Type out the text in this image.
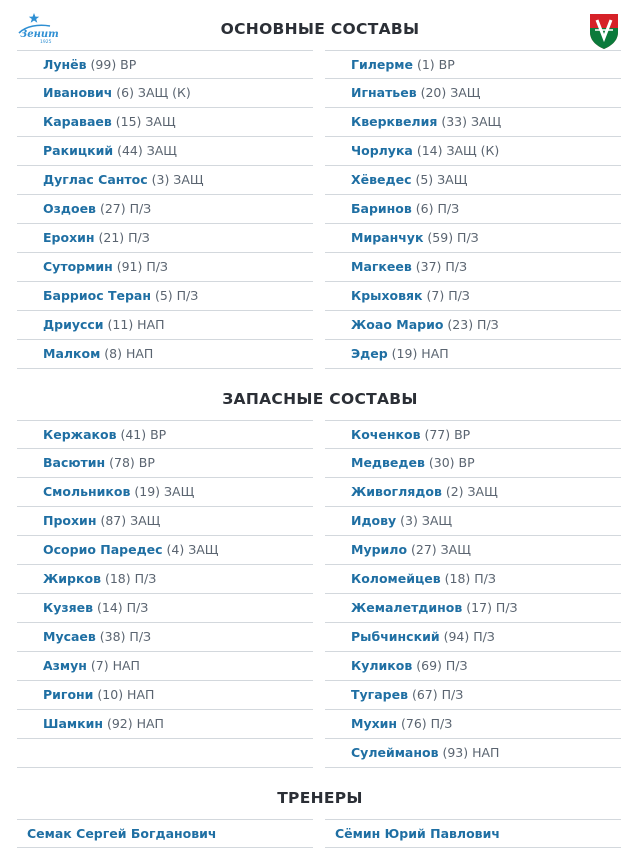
Зенит
1925
ОСНОВНЫЕ СОСТАВЫ
Лунёв (99) ВР
Иванович (6) ЗАЩ (К)
Караваев (15) ЗАЩ
Ракицкий (44) ЗАЩ
Дуглас Сантос (3) ЗАЩ
Оздоев (27) П/З
Ерохин (21) П/З
Сутормин (91) П/З
Барриос Теран (5) П/З
Дриусси (11) НАП
Малком (8) НАП
Гилерме (1) ВР
Игнатьев (20) ЗАЩ
Кверквелия (33) ЗАЩ
Чорлука (14) ЗАЩ (К)
Хёведес (5) ЗАЩ
Баринов (6) П/З
Миранчук (59) П/З
Магкеев (37) П/З
Крыховяк (7) П/З
Жоао Марио (23) П/З
Эдер (19) НАП
ЗАПАСНЫЕ СОСТАВЫ
Кержаков (41) ВР
Васютин (78) ВР
Смольников (19) ЗАЩ
Прохин (87) ЗАЩ
Осорио Паредес (4) ЗАЩ
Жирков (18) П/З
Кузяев (14) П/З
Мусаев (38) П/З
Азмун (7) НАП
Ригони (10) НАП
Шамкин (92) НАП
Коченков (77) ВР
Медведев (30) ВР
Живоглядов (2) ЗАЩ
Идову (3) ЗАЩ
Мурило (27) ЗАЩ
Коломейцев (18) П/З
Жемалетдинов (17) П/З
Рыбчинский (94) П/З
Куликов (69) П/З
Тугарев (67) П/З
Мухин (76) П/З
Сулейманов (93) НАП
ТРЕНЕРЫ
Семак Сергей Богданович	Сёмин Юрий Павлович
